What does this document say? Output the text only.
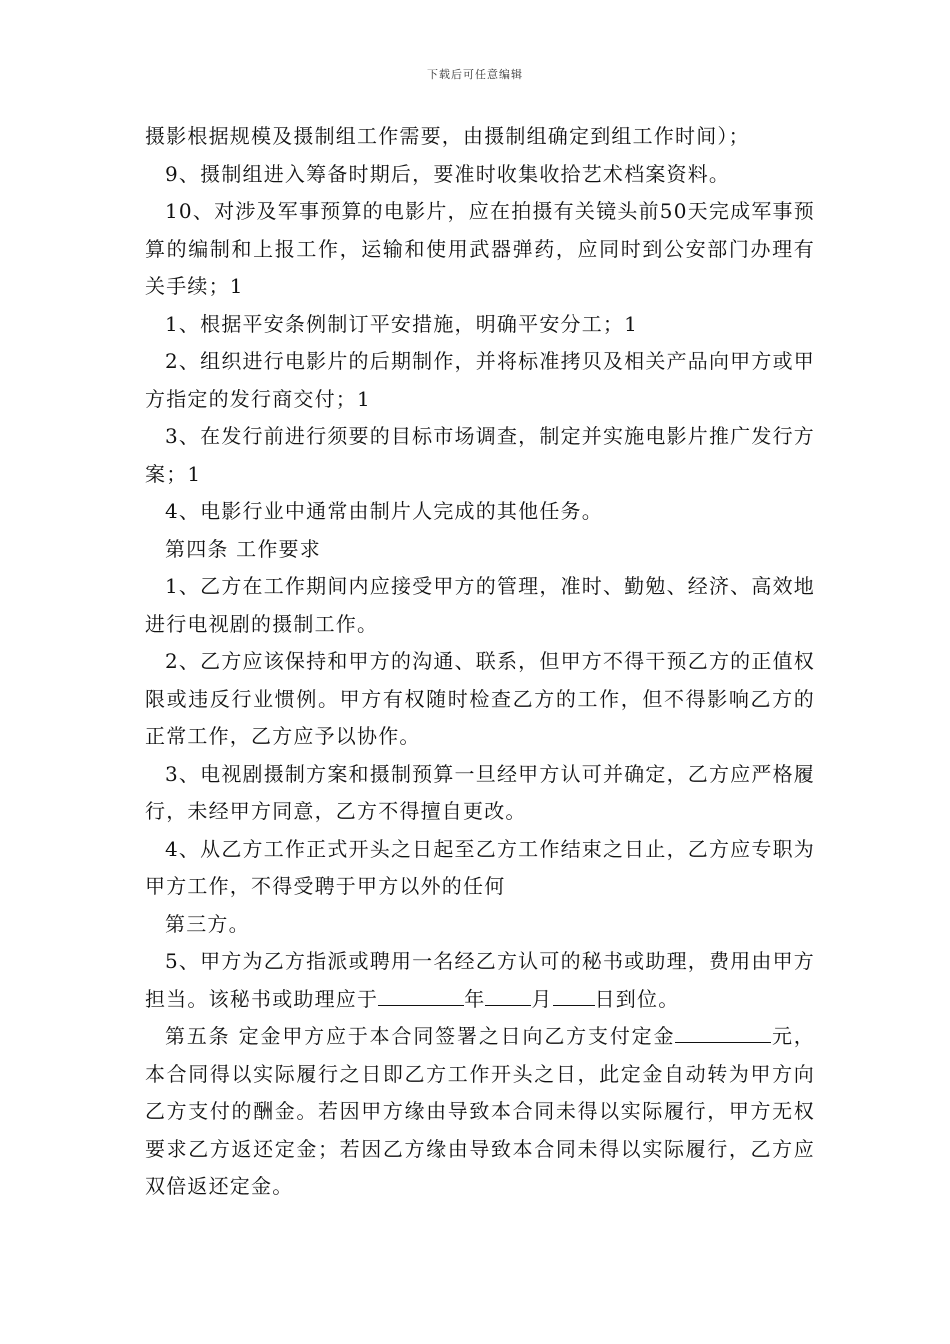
下载后可任意编辑

摄影根据规模及摄制组工作需要，由摄制组确定到组工作时间）；

9、摄制组进入筹备时期后，要准时收集收拾艺术档案资料。

10、对涉及军事预算的电影片，应在拍摄有关镜头前50天完成军事预算的编制和上报工作，运输和使用武器弹药，应同时到公安部门办理有关手续；1

1、根据平安条例制订平安措施，明确平安分工；1

2、组织进行电影片的后期制作，并将标准拷贝及相关产品向甲方或甲方指定的发行商交付；1

3、在发行前进行须要的目标市场调查，制定并实施电影片推广发行方案；1

4、电影行业中通常由制片人完成的其他任务。

第四条 工作要求

1、乙方在工作期间内应接受甲方的管理，准时、勤勉、经济、高效地进行电视剧的摄制工作。

2、乙方应该保持和甲方的沟通、联系，但甲方不得干预乙方的正值权限或违反行业惯例。甲方有权随时检查乙方的工作，但不得影响乙方的正常工作，乙方应予以协作。

3、电视剧摄制方案和摄制预算一旦经甲方认可并确定，乙方应严格履行，未经甲方同意，乙方不得擅自更改。

4、从乙方工作正式开头之日起至乙方工作结束之日止，乙方应专职为甲方工作，不得受聘于甲方以外的任何

第三方。

5、甲方为乙方指派或聘用一名经乙方认可的秘书或助理，费用由甲方担当。该秘书或助理应于	年 月 日到位。

第五条 定金甲方应于本合同签署之日向乙方支付定金	元，本合同得以实际履行之日即乙方工作开头之日，此定金自动转为甲方向乙方支付的酬金。若因甲方缘由导致本合同未得以实际履行，甲方无权要求乙方返还定金；若因乙方缘由导致本合同未得以实际履行，乙方应双倍返还定金。
